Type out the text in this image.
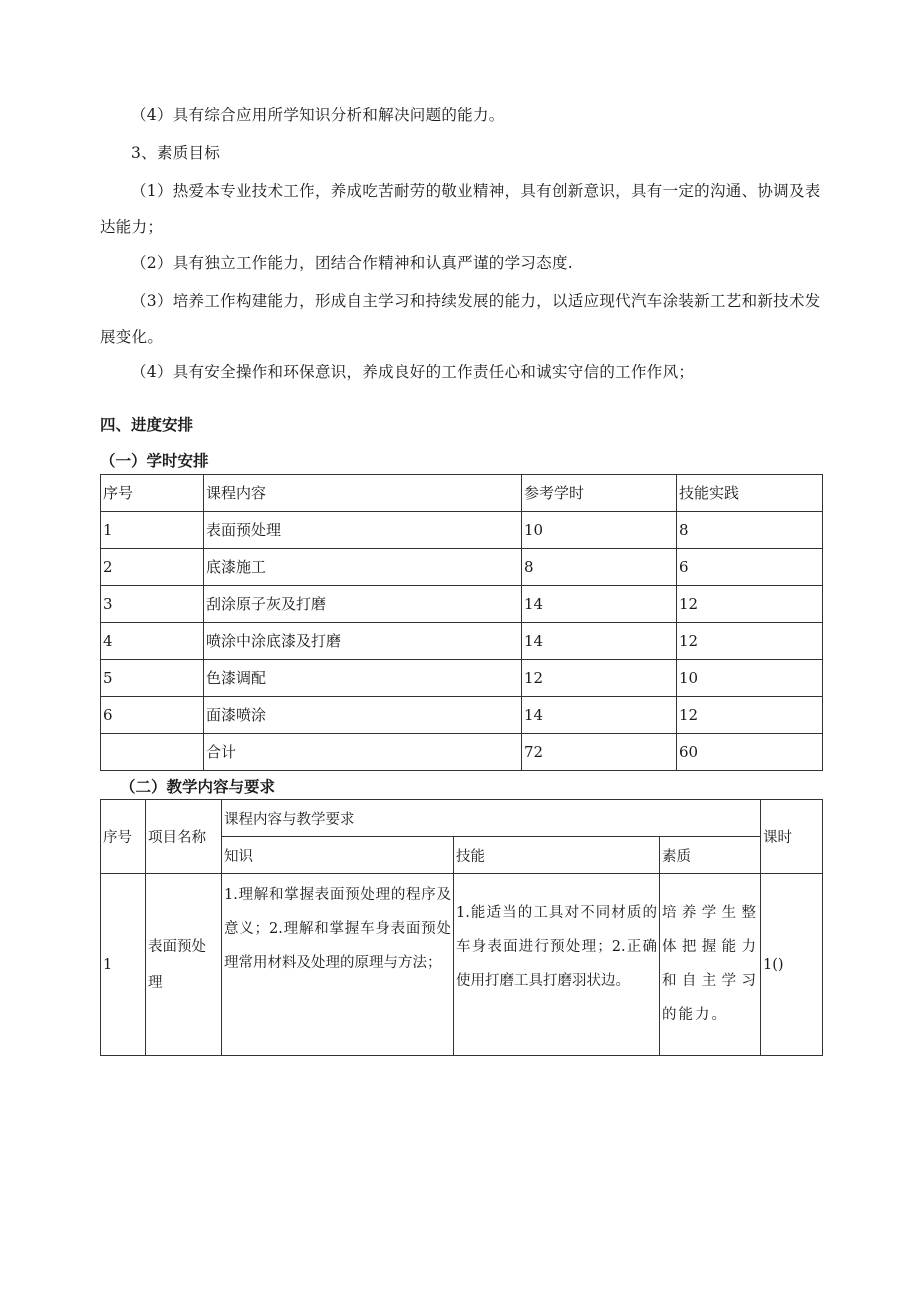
（4）具有综合应用所学知识分析和解决问题的能力。

3、素质目标

（1）热爱本专业技术工作，养成吃苦耐劳的敬业精神，具有创新意识，具有一定的沟通、协调及表达能力；

（2）具有独立工作能力，团结合作精神和认真严谨的学习态度.

（3）培养工作构建能力，形成自主学习和持续发展的能力，以适应现代汽车涂装新工艺和新技术发展变化。

（4）具有安全操作和环保意识，养成良好的工作责任心和诚实守信的工作作风；

四、进度安排
（一）学时安排
序号	课程内容	参考学时	技能实践
1	表面预处理	10	8
2	底漆施工	8	6
3	刮涂原子灰及打磨	14	12
4	喷涂中涂底漆及打磨	14	12
5	色漆调配	12	10
6	面漆喷涂	14	12
	合计	72	60
（二）教学内容与要求
序号	项目名称	课程内容与教学要求			课时
		知识	技能	素质	
1	表面预处理	1.理解和掌握表面预处理的程序及意义；2.理解和掌握车身表面预处理常用材料及处理的原理与方法；	1.能适当的工具对不同材质的车身表面进行预处理；2.正确使用打磨工具打磨羽状边。	培养学生整体把握能力和自主学习的能力。	1()
